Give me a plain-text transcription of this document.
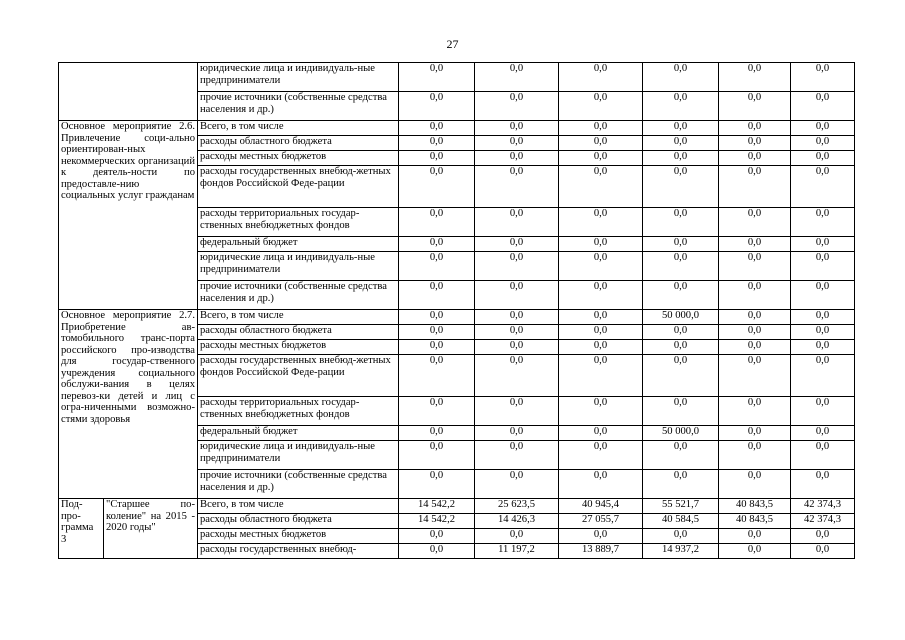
27
		юридические лица и индивидуаль-ные предприниматели	0,0	0,0	0,0	0,0	0,0	0,0
		прочие источники (собственные средства населения и др.)	0,0	0,0	0,0	0,0	0,0	0,0
Основное мероприятие 2.6. Привлечение соци-ально ориентирован-ных некоммерческих организаций к деятель-ности по предоставле-нию социальных услуг гражданам		Всего, в том числе	0,0	0,0	0,0	0,0	0,0	0,0
		расходы областного бюджета	0,0	0,0	0,0	0,0	0,0	0,0
		расходы местных бюджетов	0,0	0,0	0,0	0,0	0,0	0,0
		расходы государственных внебюд-жетных фондов Российской Феде-рации	0,0	0,0	0,0	0,0	0,0	0,0
		расходы территориальных государ-ственных внебюджетных фондов	0,0	0,0	0,0	0,0	0,0	0,0
		федеральный бюджет	0,0	0,0	0,0	0,0	0,0	0,0
		юридические лица и индивидуаль-ные предприниматели	0,0	0,0	0,0	0,0	0,0	0,0
		прочие источники (собственные средства населения и др.)	0,0	0,0	0,0	0,0	0,0	0,0
Основное мероприятие 2.7. Приобретение ав-томобильного транс-порта российского про-изводства для государ-ственного учреждения социального обслужи-вания в целях перевоз-ки детей и лиц с огра-ниченными возможно-стями здоровья		Всего, в том числе	0,0	0,0	0,0	50 000,0	0,0	0,0
		расходы областного бюджета	0,0	0,0	0,0	0,0	0,0	0,0
		расходы местных бюджетов	0,0	0,0	0,0	0,0	0,0	0,0
		расходы государственных внебюд-жетных фондов Российской Феде-рации	0,0	0,0	0,0	0,0	0,0	0,0
		расходы территориальных государ-ственных внебюджетных фондов	0,0	0,0	0,0	0,0	0,0	0,0
		федеральный бюджет	0,0	0,0	0,0	50 000,0	0,0	0,0
		юридические лица и индивидуаль-ные предприниматели	0,0	0,0	0,0	0,0	0,0	0,0
		прочие источники (собственные средства населения и др.)	0,0	0,0	0,0	0,0	0,0	0,0
Под-про-грамма 3	"Старшее по-коление" на 2015 - 2020 годы"	Всего, в том числе	14 542,2	25 623,5	40 945,4	55 521,7	40 843,5	42 374,3
		расходы областного бюджета	14 542,2	14 426,3	27 055,7	40 584,5	40 843,5	42 374,3
		расходы местных бюджетов	0,0	0,0	0,0	0,0	0,0	0,0
		расходы государственных внебюд-	0,0	11 197,2	13 889,7	14 937,2	0,0	0,0
